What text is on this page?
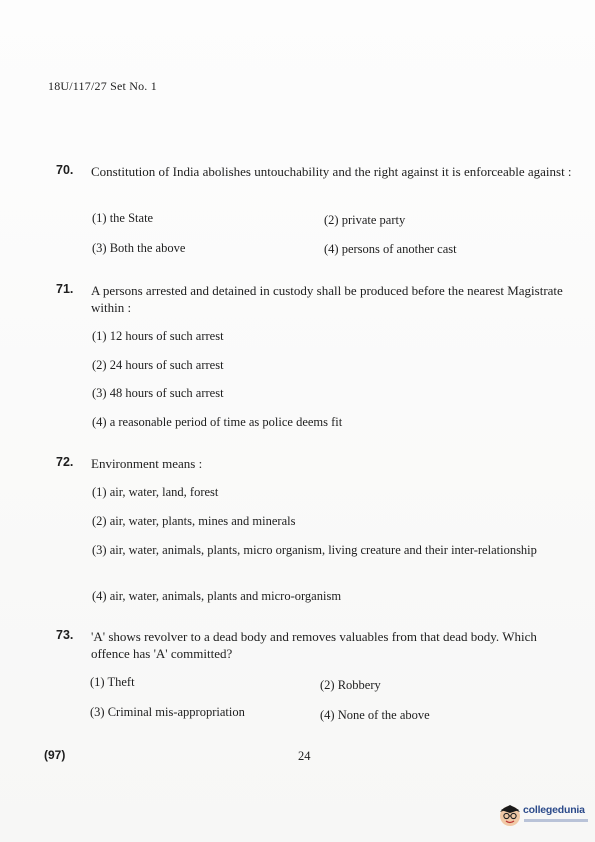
18U/117/27 Set No. 1
70. Constitution of India abolishes untouchability and the right against it is enforceable against :
(1) the State	(2) private party
(3) Both the above	(4) persons of another cast
71. A persons arrested and detained in custody shall be produced before the nearest Magistrate within :
(1) 12 hours of such arrest
(2) 24 hours of such arrest
(3) 48 hours of such arrest
(4) a reasonable period of time as police deems fit
72. Environment means :
(1) air, water, land, forest
(2) air, water, plants, mines and minerals
(3) air, water, animals, plants, micro organism, living creature and their inter-relationship
(4) air, water, animals, plants and micro-organism
73. 'A' shows revolver to a dead body and removes valuables from that dead body. Which offence has 'A' committed?
(1) Theft	(2) Robbery
(3) Criminal mis-appropriation	(4) None of the above
(97)	24
collegedunia
